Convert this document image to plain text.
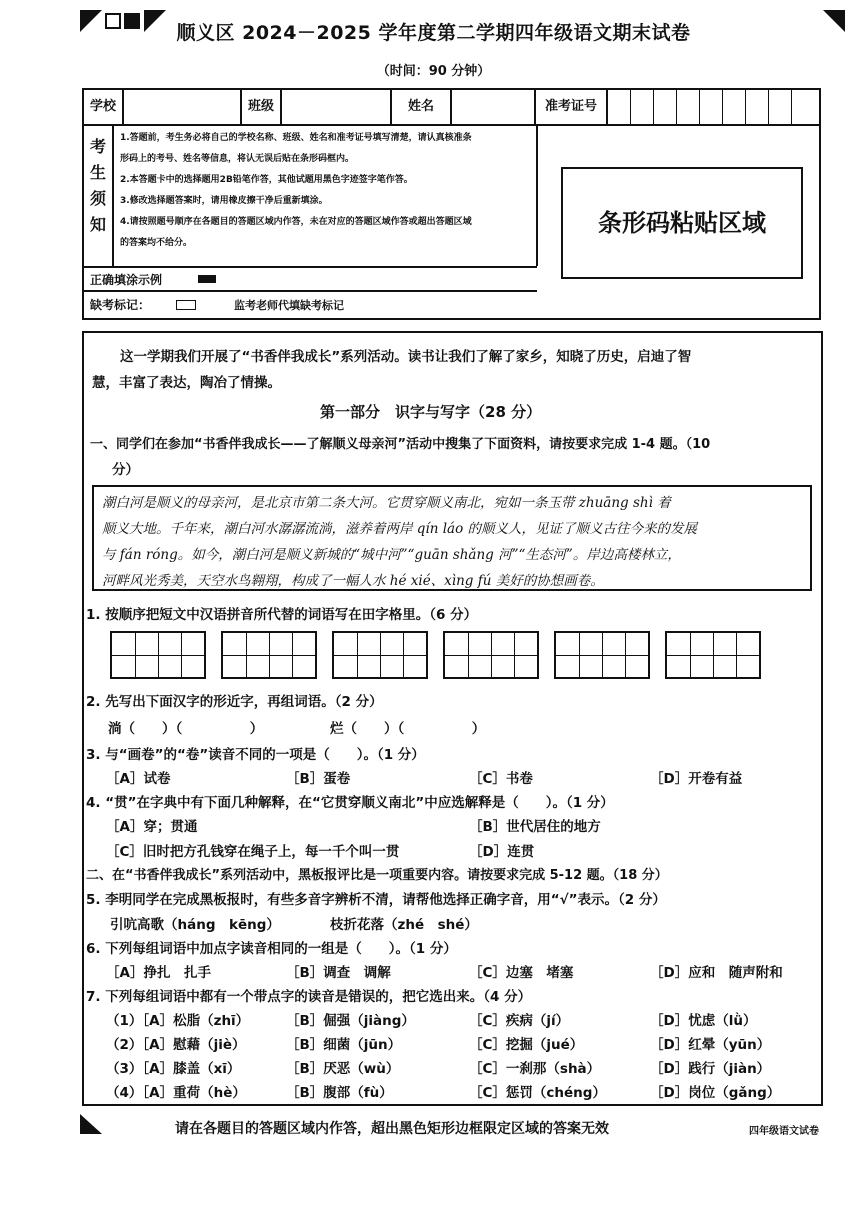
顺义区 2024－2025 学年度第二学期四年级语文期末试卷
（时间：90 分钟）
学校	班级	姓名	准考证号
考
生
须
知
1.答题前，考生务必将自己的学校名称、班级、姓名和准考证号填写清楚，请认真核准条
形码上的考号、姓名等信息，将认无误后贴在条形码框内。
2.本答题卡中的选择题用2B铅笔作答，其他试题用黑色字迹签字笔作答。
3.修改选择题答案时，请用橡皮擦干净后重新填涂。
4.请按照题号顺序在各题目的答题区域内作答，未在对应的答题区域作答或超出答题区域
的答案均不给分。
条形码粘贴区域
正确填涂示例
缺考标记：	监考老师代填缺考标记
这一学期我们开展了“书香伴我成长”系列活动。读书让我们了解了家乡，知晓了历史，启迪了智
慧，丰富了表达，陶冶了情操。
第一部分　识字与写字（28 分）
一、同学们在参加“书香伴我成长——了解顺义母亲河”活动中搜集了下面资料，请按要求完成 1-4 题。（10
分）
潮白河是顺义的母亲河，是北京市第二条大河。它贯穿顺义南北，宛如一条玉带 zhuāng shì 着
顺义大地。千年来，潮白河水潺潺流淌，滋养着两岸 qín láo 的顺义人，见证了顺义古往今来的发展
与 fán róng。如今，潮白河是顺义新城的“城中河”“guān shǎng 河”“生态河”。岸边高楼林立，
河畔风光秀美，天空水鸟翱翔，构成了一幅人水 hé xié、xìng fú 美好的协想画卷。
1. 按顺序把短文中汉语拼音所代替的词语写在田字格里。（6 分）
2. 先写出下面汉字的形近字，再组词语。（2 分）
淌（　　）（　　　　　）	烂（　　）（　　　　　）
3. 与“画卷”的“卷”读音不同的一项是（　　）。（1 分）
［A］试卷	［B］蛋卷	［C］书卷	［D］开卷有益
4. “贯”在字典中有下面几种解释，在“它贯穿顺义南北”中应选解释是（　　）。（1 分）
［A］穿；贯通	［B］世代居住的地方
［C］旧时把方孔钱穿在绳子上，每一千个叫一贯	［D］连贯
二、在“书香伴我成长”系列活动中，黑板报评比是一项重要内容。请按要求完成 5-12 题。（18 分）
5. 李明同学在完成黑板报时，有些多音字辨析不清，请帮他选择正确字音，用“√”表示。（2 分）
引吭高歌（háng　kēng）	枝折花落（zhé　shé）
6. 下列每组词语中加点字读音相同的一组是（　　）。（1 分）
［A］挣扎　扎手	［B］调查　调解	［C］边塞　堵塞	［D］应和　随声附和
7. 下列每组词语中都有一个带点字的读音是错误的，把它选出来。（4 分）
（1）［A］松脂（zhī）	［B］倔强（jiàng）	［C］疾病（jí）	［D］忧虑（lǜ）
（2）［A］慰藉（jiè）	［B］细菌（jūn）	［C］挖掘（jué）	［D］红晕（yūn）
（3）［A］膝盖（xī）	［B］厌恶（wù）	［C］一刹那（shà）	［D］践行（jiàn）
（4）［A］重荷（hè）	［B］腹部（fù）	［C］惩罚（chéng）	［D］岗位（gǎng）
请在各题目的答题区域内作答，超出黑色矩形边框限定区域的答案无效	四年级语文试卷
